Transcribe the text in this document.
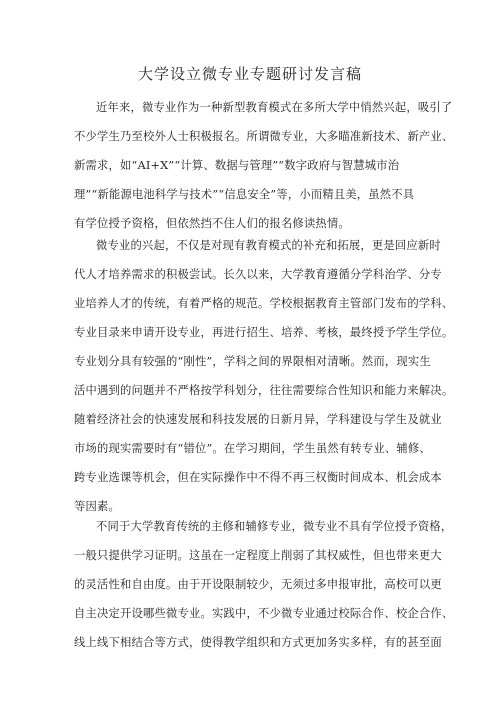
大学设立微专业专题研讨发言稿
近年来，微专业作为一种新型教育模式在多所大学中悄然兴起，吸引了
不少学生乃至校外人士积极报名。所谓微专业，大多瞄准新技术、新产业、
新需求，如“AI+X”“计算、数据与管理”“数字政府与智慧城市治
理”“新能源电池科学与技术”“信息安全”等，小而精且美，虽然不具
有学位授予资格，但依然挡不住人们的报名修读热情。
微专业的兴起，不仅是对现有教育模式的补充和拓展，更是回应新时
代人才培养需求的积极尝试。长久以来，大学教育遵循分学科治学、分专
业培养人才的传统，有着严格的规范。学校根据教育主管部门发布的学科、
专业目录来申请开设专业，再进行招生、培养、考核，最终授予学生学位。
专业划分具有较强的“刚性”，学科之间的界限相对清晰。然而，现实生
活中遇到的问题并不严格按学科划分，往往需要综合性知识和能力来解决。
随着经济社会的快速发展和科技发展的日新月异，学科建设与学生及就业
市场的现实需要时有“错位”。在学习期间，学生虽然有转专业、辅修、
跨专业选课等机会，但在实际操作中不得不再三权衡时间成本、机会成本
等因素。
不同于大学教育传统的主修和辅修专业，微专业不具有学位授予资格，
一般只提供学习证明。这虽在一定程度上削弱了其权威性，但也带来更大
的灵活性和自由度。由于开设限制较少，无须过多申报审批，高校可以更
自主决定开设哪些微专业。实践中，不少微专业通过校际合作、校企合作、
线上线下相结合等方式，使得教学组织和方式更加务实多样，有的甚至面
